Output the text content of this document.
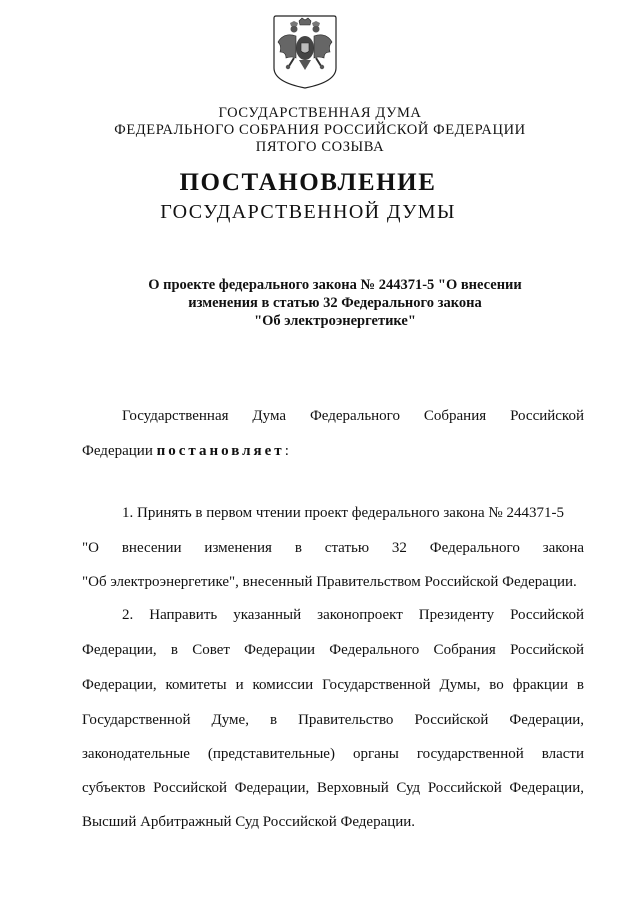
ГОСУДАРСТВЕННАЯ ДУМА
ФЕДЕРАЛЬНОГО СОБРАНИЯ РОССИЙСКОЙ ФЕДЕРАЦИИ
ПЯТОГО СОЗЫВА
ПОСТАНОВЛЕНИЕ
ГОСУДАРСТВЕННОЙ ДУМЫ
О проекте федерального закона № 244371-5 "О внесении
изменения в статью 32 Федерального закона
"Об электроэнергетике"
Государственная Дума Федерального Собрания Российской
Федерации постановляет:
1. Принять в первом чтении проект федерального закона № 244371-5
"О внесении изменения в статью 32 Федерального закона
"Об электроэнергетике", внесенный Правительством Российской Федерации.
2. Направить указанный законопроект Президенту Российской
Федерации, в Совет Федерации Федерального Собрания Российской
Федерации, комитеты и комиссии Государственной Думы, во фракции в
Государственной Думе, в Правительство Российской Федерации,
законодательные (представительные) органы государственной власти
субъектов Российской Федерации, Верховный Суд Российской Федерации,
Высший Арбитражный Суд Российской Федерации.
